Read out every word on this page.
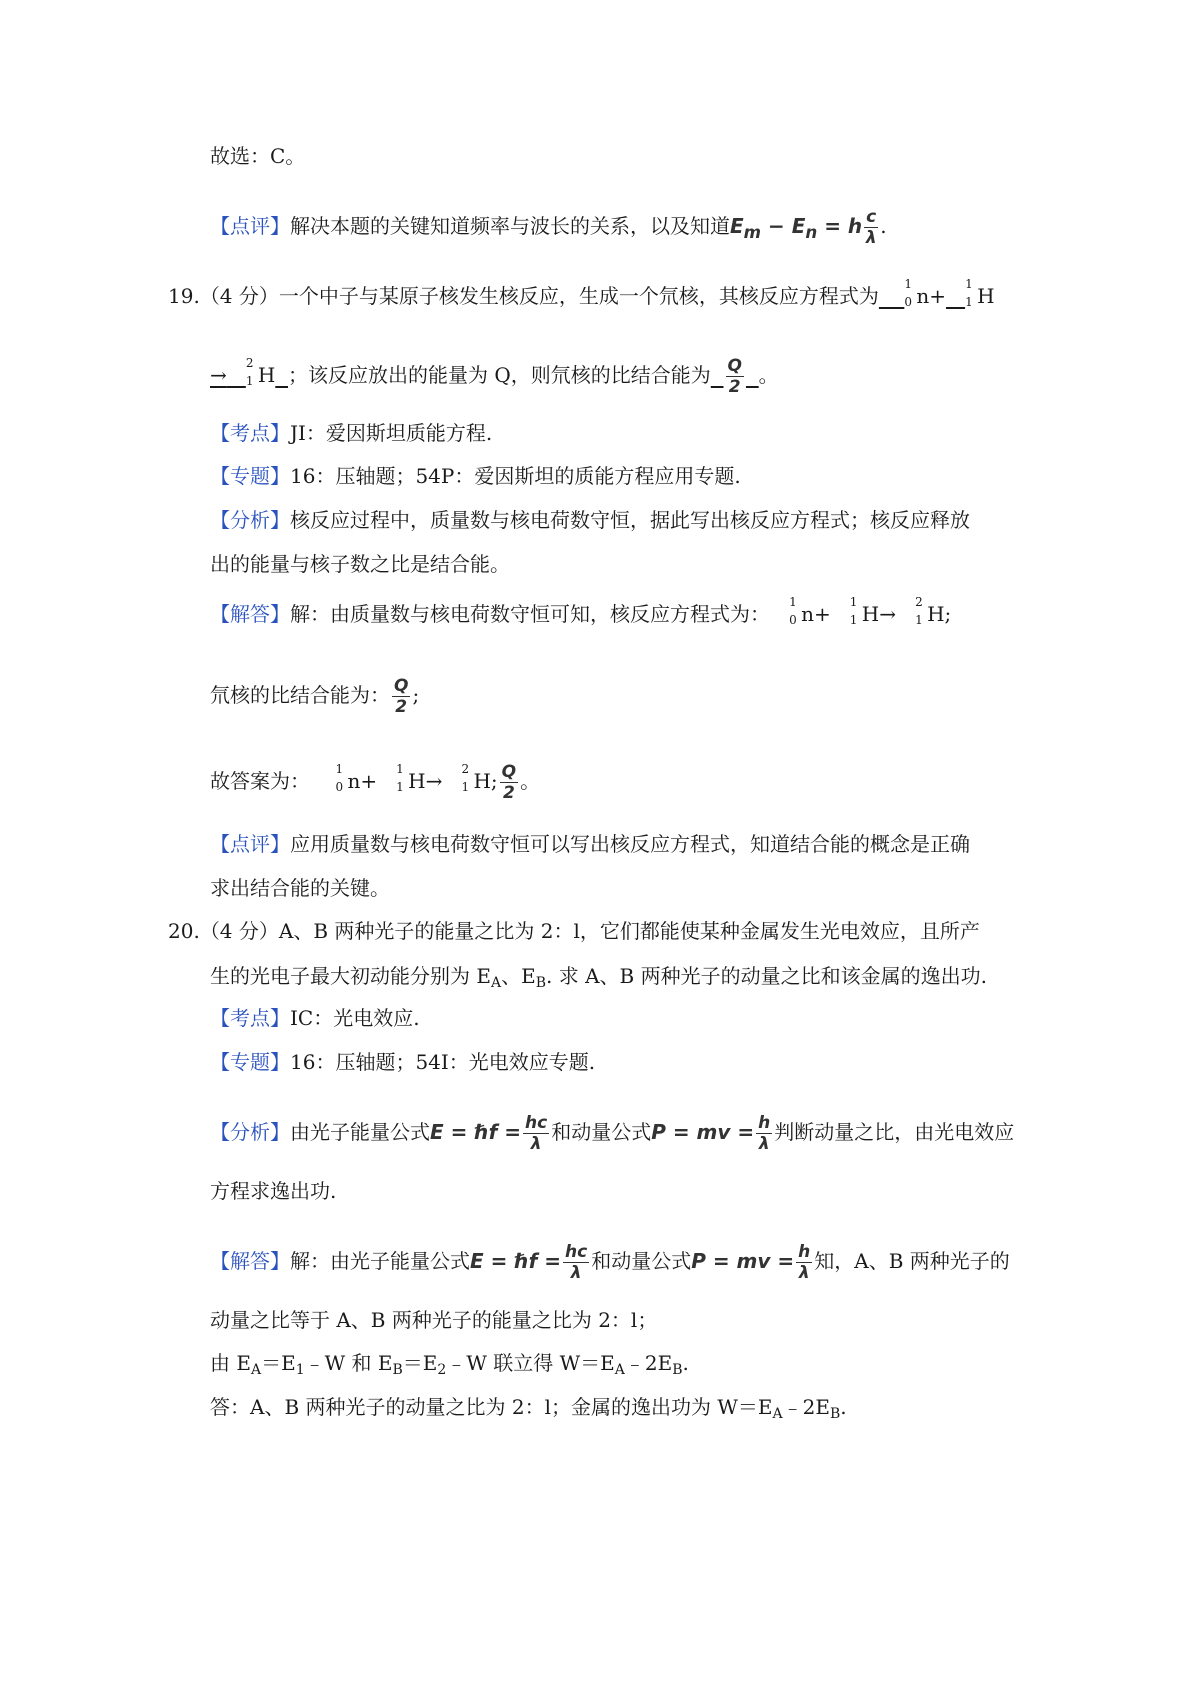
故选：C。
【点评】解决本题的关键知道频率与波长的关系，以及知道$E_m - E_n = h \frac{c}{\lambda}$ .
19.（4 分）一个中子与某原子核发生核反应，生成一个氘核，其核反应方程式为 1
0 n+ 1
1 H
→ 2
1 H ；该反应放出的能量为 Q，则氘核的比结合能为 $\frac{Q}{2}$ 。
【考点】JI：爱因斯坦质能方程.
【专题】16：压轴题；54P：爱因斯坦的质能方程应用专题.
【分析】核反应过程中，质量数与核电荷数守恒，据此写出核反应方程式；核反应释放
出的能量与核子数之比是结合能。
【解答】解：由质量数与核电荷数守恒可知，核反应方程式为： 1
0 n+ 1
1 H→ 2
1 H;
氘核的比结合能为： $\frac{Q}{2}$ ;
故答案为： 1
0 n+ 1
1 H→ 2
1 H; $\frac{Q}{2}$ 。
【点评】应用质量数与核电荷数守恒可以写出核反应方程式，知道结合能的概念是正确
求出结合能的关键。
20.（4 分）A、B 两种光子的能量之比为 2：l，它们都能使某种金属发生光电效应，且所产
生的光电子最大初动能分别为 $E_A$、$E_B$. 求 A、B 两种光子的动量之比和该金属的逸出功.
【考点】IC：光电效应.
【专题】16：压轴题；54I：光电效应专题.
【分析】由光子能量公式E = ℏf = $\frac{hc}{\lambda}$ 和动量公式P = mv = $\frac{h}{\lambda}$ 判断动量之比，由光电效应
方程求逸出功.
【解答】解：由光子能量公式E = ℏf = $\frac{hc}{\lambda}$ 和动量公式P = mv = $\frac{h}{\lambda}$ 知，A、B 两种光子的
动量之比等于 A、B 两种光子的能量之比为 2：l；
由 $E_A=E_1﹣W$ 和 $E_B=E_2﹣W$ 联立得 $W=E_A﹣2E_B$.
答：A、B 两种光子的动量之比为 2：l；金属的逸出功为 $W=E_A﹣2E_B$.
